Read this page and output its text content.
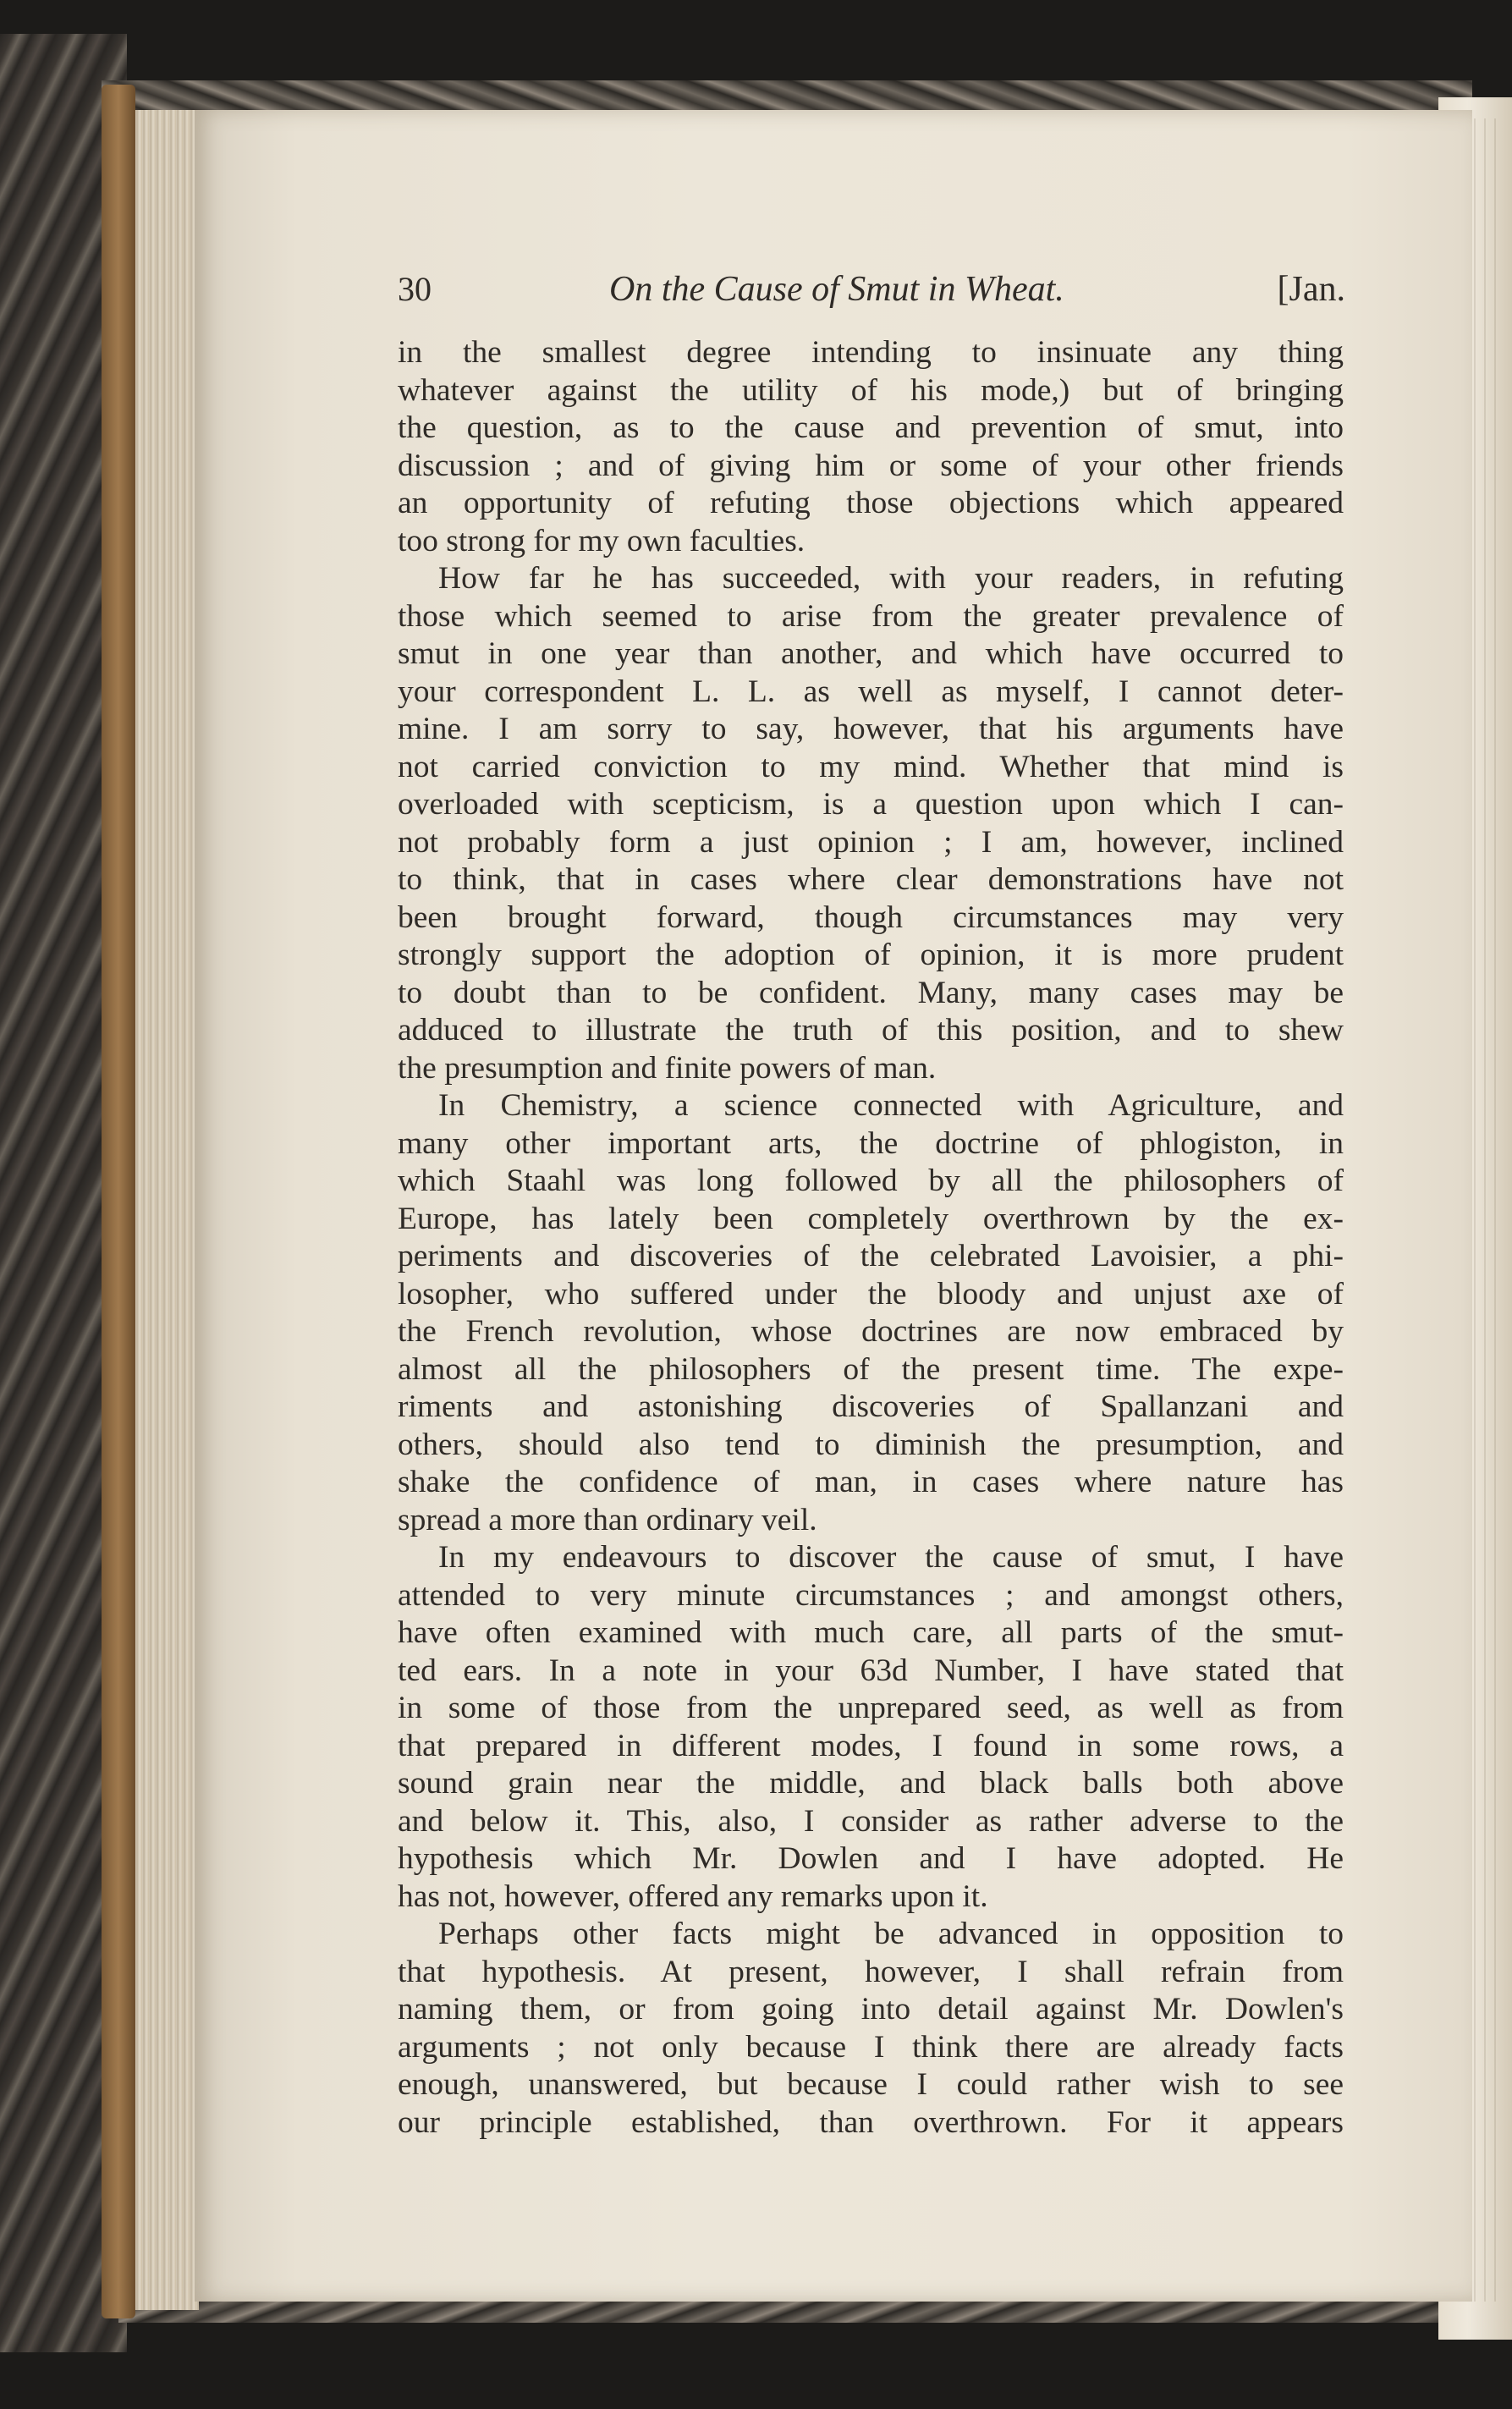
30	On the Cause of Smut in Wheat.	[Jan.
in the smallest degree intending to insinuate any thing
whatever against the utility of his mode,) but of bringing
the question, as to the cause and prevention of smut, into
discussion ; and of giving him or some of your other friends
an opportunity of refuting those objections which appeared
too strong for my own faculties.
How far he has succeeded, with your readers, in refuting
those which seemed to arise from the greater prevalence of
smut in one year than another, and which have occurred to
your correspondent L. L. as well as myself, I cannot deter-
mine. I am sorry to say, however, that his arguments have
not carried conviction to my mind. Whether that mind is
overloaded with scepticism, is a question upon which I can-
not probably form a just opinion ; I am, however, inclined
to think, that in cases where clear demonstrations have not
been brought forward, though circumstances may very
strongly support the adoption of opinion, it is more prudent
to doubt than to be confident. Many, many cases may be
adduced to illustrate the truth of this position, and to shew
the presumption and finite powers of man.
In Chemistry, a science connected with Agriculture, and
many other important arts, the doctrine of phlogiston, in
which Staahl was long followed by all the philosophers of
Europe, has lately been completely overthrown by the ex-
periments and discoveries of the celebrated Lavoisier, a phi-
losopher, who suffered under the bloody and unjust axe of
the French revolution, whose doctrines are now embraced by
almost all the philosophers of the present time. The expe-
riments and astonishing discoveries of Spallanzani and
others, should also tend to diminish the presumption, and
shake the confidence of man, in cases where nature has
spread a more than ordinary veil.
In my endeavours to discover the cause of smut, I have
attended to very minute circumstances ; and amongst others,
have often examined with much care, all parts of the smut-
ted ears. In a note in your 63d Number, I have stated that
in some of those from the unprepared seed, as well as from
that prepared in different modes, I found in some rows, a
sound grain near the middle, and black balls both above
and below it. This, also, I consider as rather adverse to the
hypothesis which Mr. Dowlen and I have adopted. He
has not, however, offered any remarks upon it.
Perhaps other facts might be advanced in opposition to
that hypothesis. At present, however, I shall refrain from
naming them, or from going into detail against Mr. Dowlen's
arguments ; not only because I think there are already facts
enough, unanswered, but because I could rather wish to see
our principle established, than overthrown. For it appears
